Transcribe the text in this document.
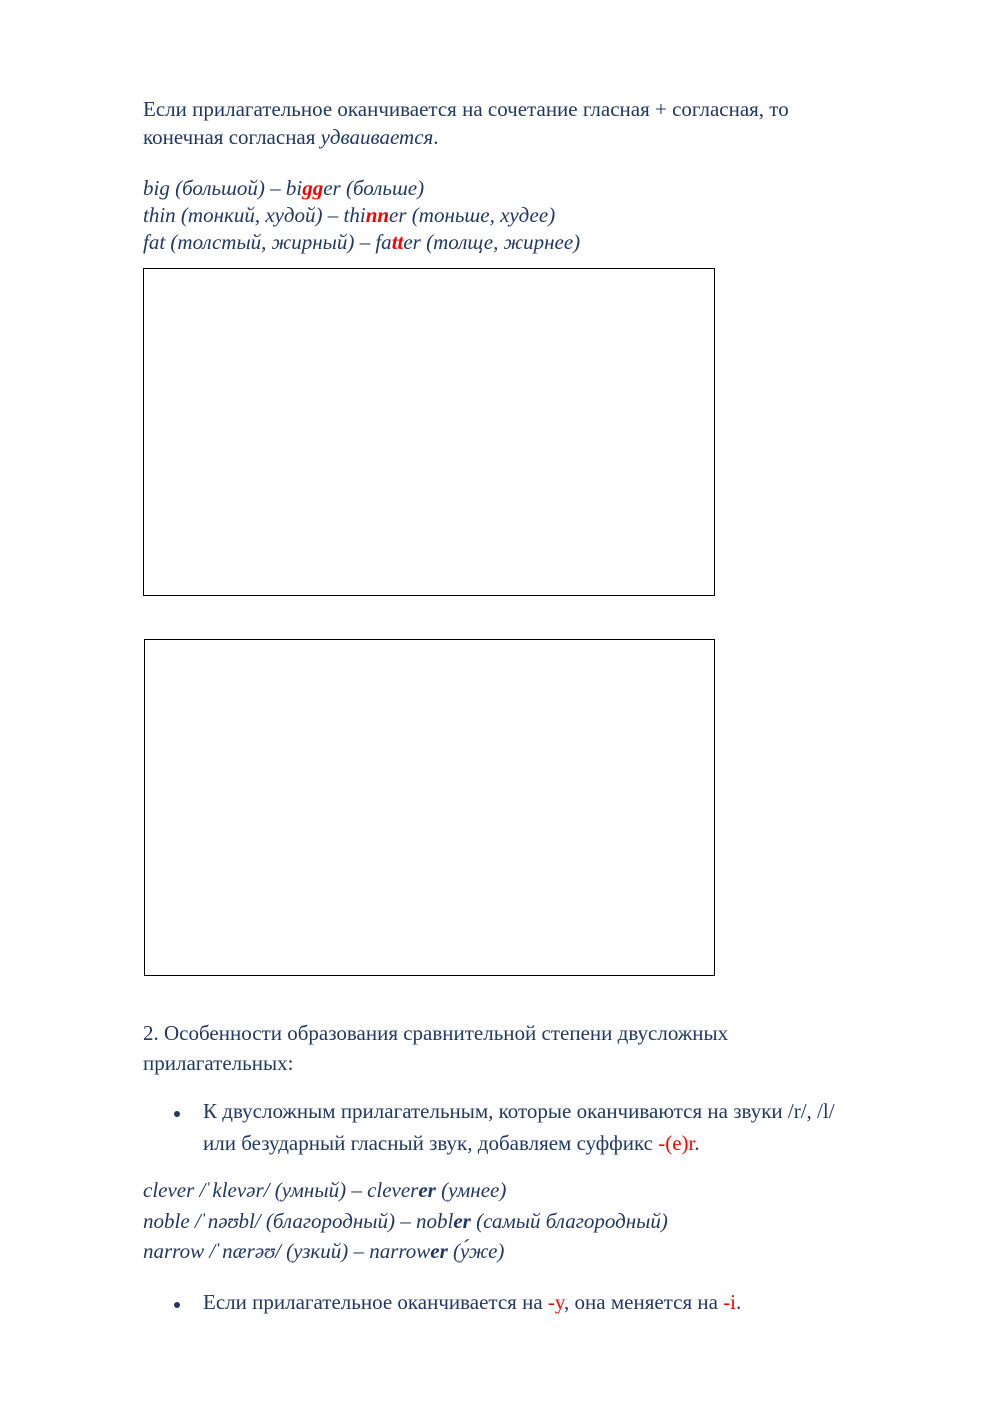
Если прилагательное оканчивается на сочетание гласная + согласная, то
конечная согласная удваивается.
big (большой) – bigger (больше)
thin (тонкий, худой) – thinner (тоньше, худее)
fat (толстый, жирный) – fatter (толще, жирнее)
2. Особенности образования сравнительной степени двусложных
прилагательных:
К двусложным прилагательным, которые оканчиваются на звуки /r/, /l/
или безударный гласный звук, добавляем суффикс -(e)r.
clever /ˈklevər/ (умный) – cleverer (умнее)
noble /ˈnəʊbl/ (благородный) – nobler (самый благородный)
narrow /ˈnærəʊ/ (узкий) – narrower (у́же)
Если прилагательное оканчивается на -y, она меняется на -i.
